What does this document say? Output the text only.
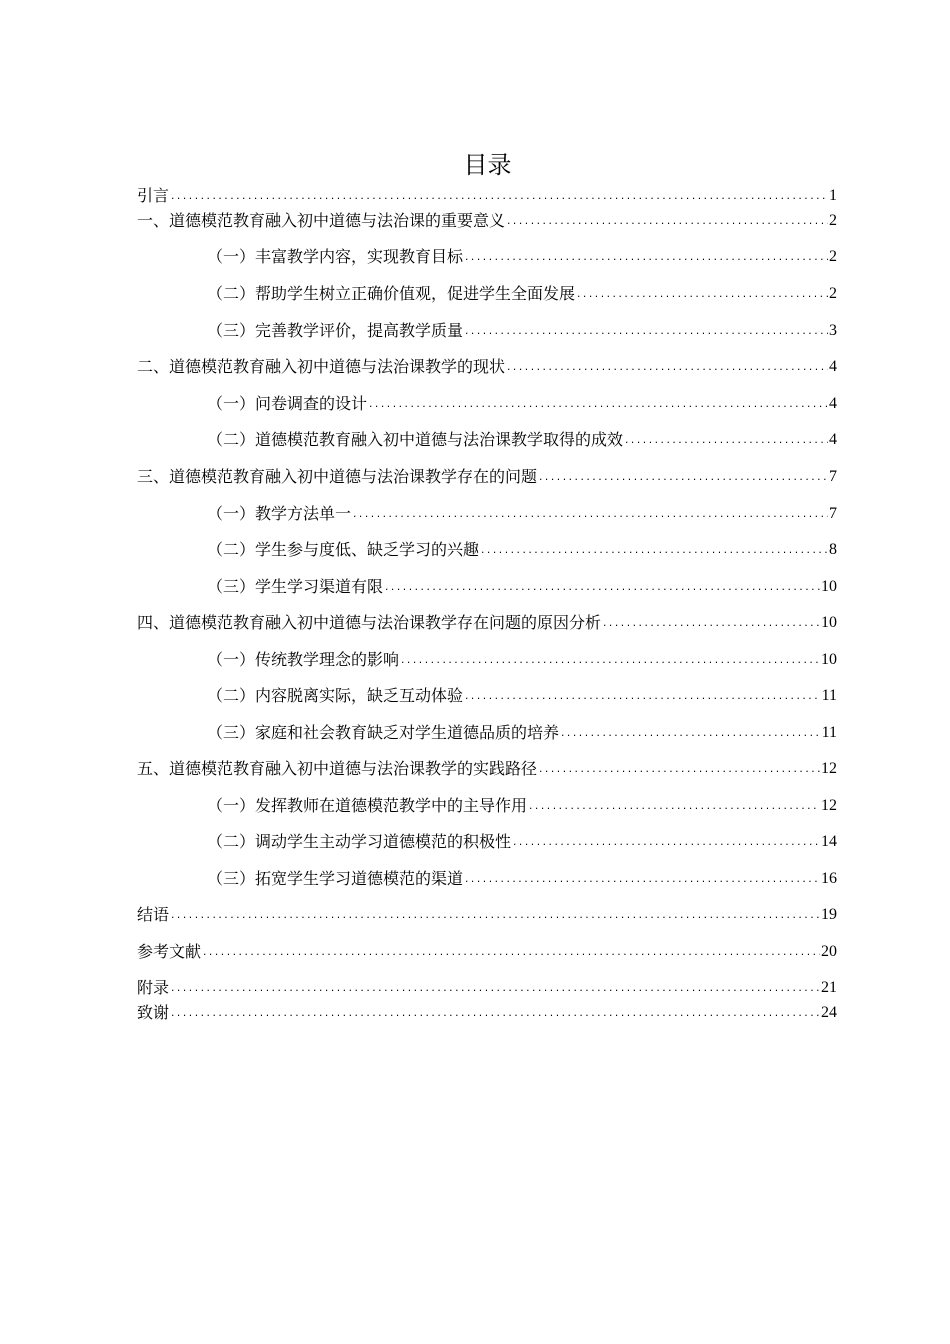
目录
引言 .....	1
一、道德模范教育融入初中道德与法治课的重要意义 .....	2
（一）丰富教学内容，实现教育目标 .....	2
（二）帮助学生树立正确价值观，促进学生全面发展 .....	2
（三）完善教学评价，提高教学质量 .....	3
二、道德模范教育融入初中道德与法治课教学的现状 .....	4
（一）问卷调查的设计 .....	4
（二）道德模范教育融入初中道德与法治课教学取得的成效 .....	4
三、道德模范教育融入初中道德与法治课教学存在的问题 .....	7
（一）教学方法单一 .....	7
（二）学生参与度低、缺乏学习的兴趣 .....	8
（三）学生学习渠道有限 .....	10
四、道德模范教育融入初中道德与法治课教学存在问题的原因分析 .....	10
（一）传统教学理念的影响 .....	10
（二）内容脱离实际，缺乏互动体验 .....	11
（三）家庭和社会教育缺乏对学生道德品质的培养 .....	11
五、道德模范教育融入初中道德与法治课教学的实践路径 .....	12
（一）发挥教师在道德模范教学中的主导作用 .....	12
（二）调动学生主动学习道德模范的积极性 .....	14
（三）拓宽学生学习道德模范的渠道 .....	16
结语 .....	19
参考文献 .....	20
附录 .....	21
致谢 .....	24
